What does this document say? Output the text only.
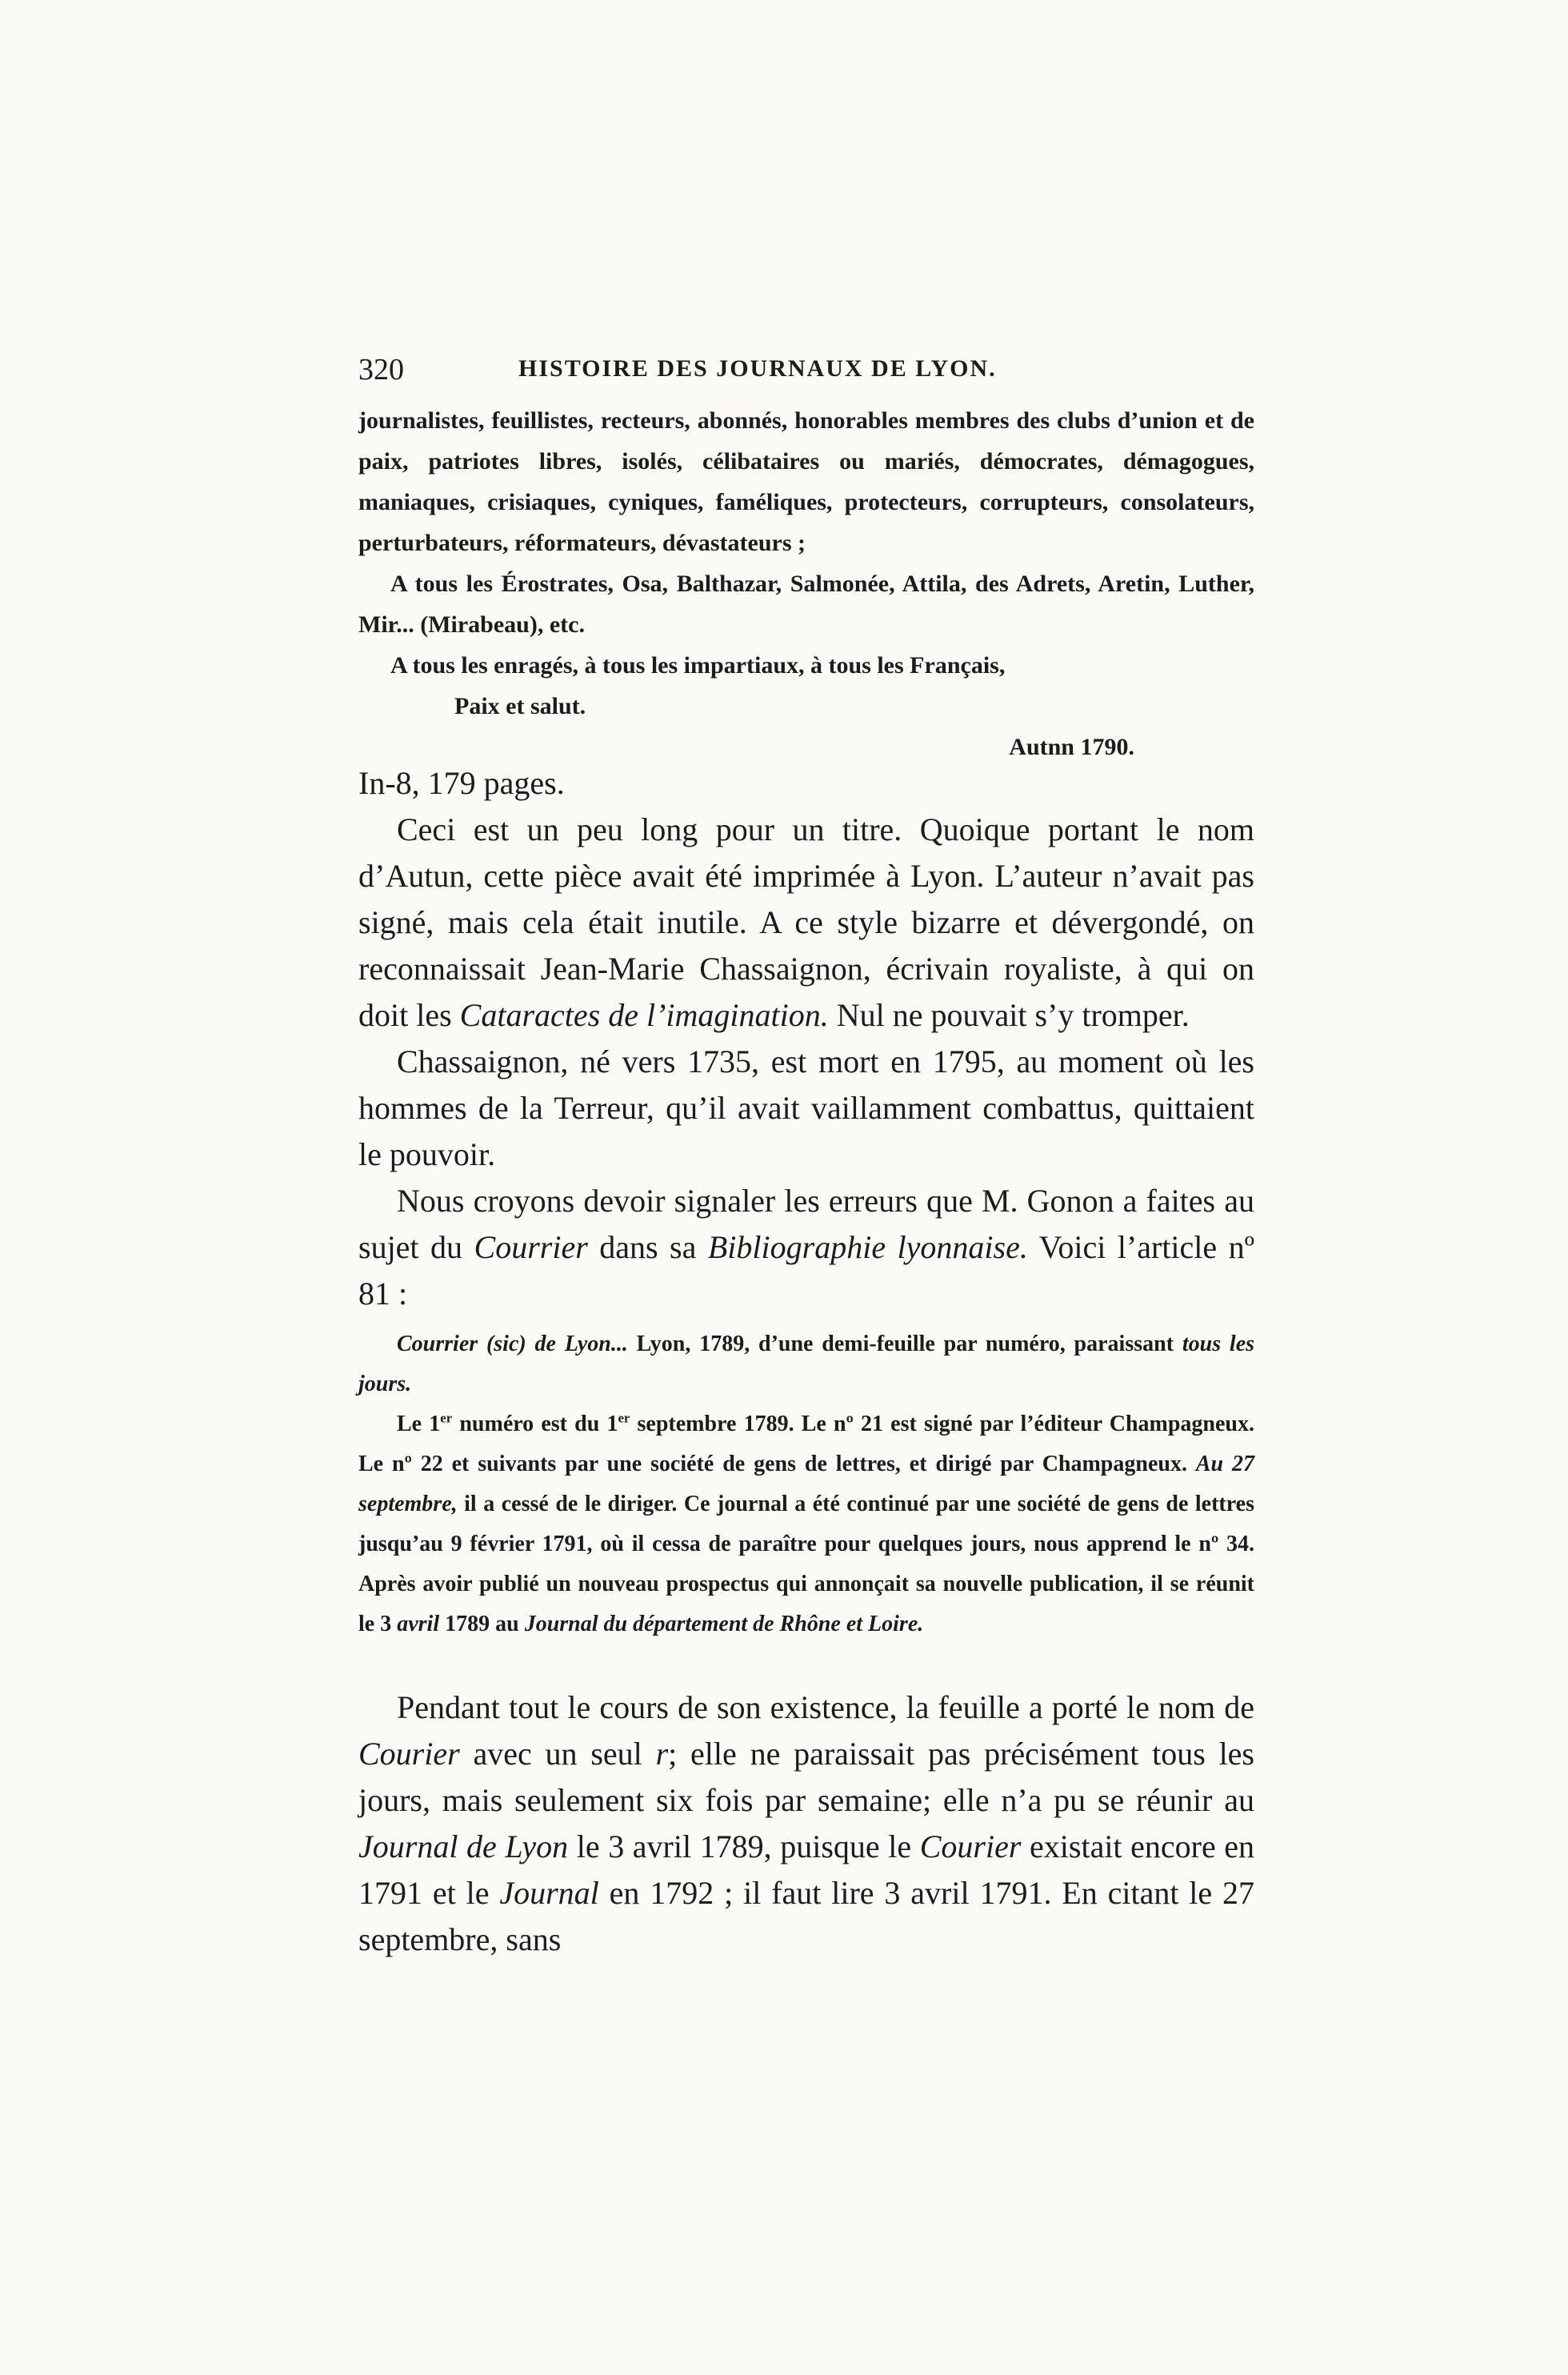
320	HISTOIRE DES JOURNAUX DE LYON.

journalistes, feuillistes, recteurs, abonnés, honorables membres des clubs d’union et de paix, patriotes libres, isolés, célibataires ou mariés, démocrates, démagogues, maniaques, crisiaques, cyniques, faméliques, protecteurs, corrupteurs, consolateurs, perturbateurs, réformateurs, dévastateurs ;

A tous les Érostrates, Osa, Balthazar, Salmonée, Attila, des Adrets, Aretin, Luther, Mir... (Mirabeau), etc.

A tous les enragés, à tous les impartiaux, à tous les Français,

Paix et salut.

Autnn 1790.

In-8, 179 pages.

Ceci est un peu long pour un titre. Quoique portant le nom d’Autun, cette pièce avait été imprimée à Lyon. L’auteur n’avait pas signé, mais cela était inutile. A ce style bizarre et dévergondé, on reconnaissait Jean-Marie Chassaignon, écrivain royaliste, à qui on doit les Cataractes de l’imagination. Nul ne pouvait s’y tromper.

Chassaignon, né vers 1735, est mort en 1795, au moment où les hommes de la Terreur, qu’il avait vaillamment combattus, quittaient le pouvoir.

Nous croyons devoir signaler les erreurs que M. Gonon a faites au sujet du Courrier dans sa Bibliographie lyonnaise. Voici l’article nº 81 :

Courrier (sic) de Lyon... Lyon, 1789, d’une demi-feuille par numéro, paraissant tous les jours.

Le 1er numéro est du 1er septembre 1789. Le nº 21 est signé par l’éditeur Champagneux. Le nº 22 et suivants par une société de gens de lettres, et dirigé par Champagneux. Au 27 septembre, il a cessé de le diriger. Ce journal a été continué par une société de gens de lettres jusqu’au 9 février 1791, où il cessa de paraître pour quelques jours, nous apprend le nº 34. Après avoir publié un nouveau prospectus qui annonçait sa nouvelle publication, il se réunit le 3 avril 1789 au Journal du département de Rhône et Loire.

Pendant tout le cours de son existence, la feuille a porté le nom de Courier avec un seul r; elle ne paraissait pas précisément tous les jours, mais seulement six fois par semaine; elle n’a pu se réunir au Journal de Lyon le 3 avril 1789, puisque le Courier existait encore en 1791 et le Journal en 1792 ; il faut lire 3 avril 1791. En citant le 27 septembre, sans
